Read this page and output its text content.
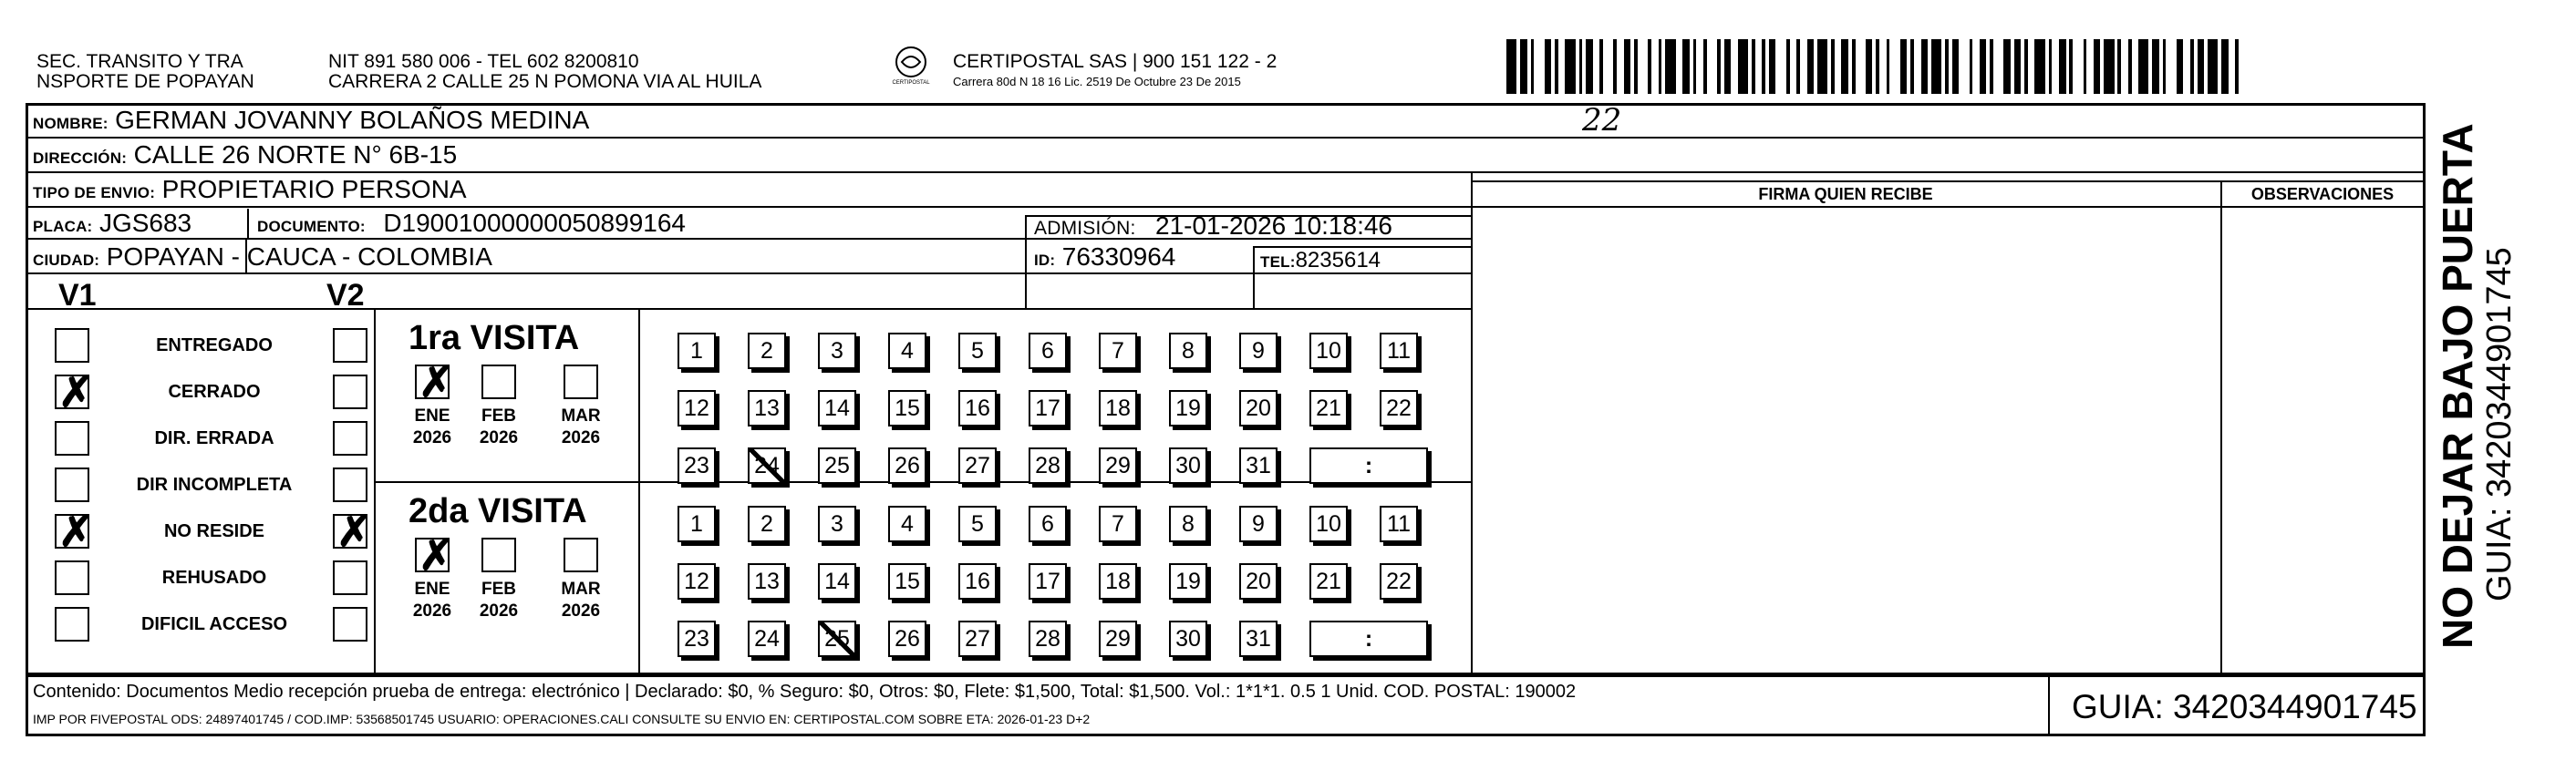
SEC. TRANSITO Y TRA
NSPORTE DE POPAYAN
NIT 891 580 006 - TEL 602 8200810
CARRERA 2 CALLE 25 N POMONA VIA AL HUILA	CERTIPOSTAL
CERTIPOSTAL SAS | 900 151 122 - 2
Carrera 80d N 18 16 Lic. 2519 De Octubre 23 De 2015
NOMBRE: GERMAN JOVANNY BOLAÑOS MEDINA	22
DIRECCIÓN: CALLE 26 NORTE N° 6B-15
TIPO DE ENVIO: PROPIETARIO PERSONA	FIRMA QUIEN RECIBE	OBSERVACIONES
PLACA: JGS683	DOCUMENTO: D19001000000050899164	ADMISIÓN: 21-01-2026 10:18:46
CIUDAD: POPAYAN - CAUCA - COLOMBIA	ID: 76330964	TEL:8235614
V1	V2
ENTREGADO
✗	CERRADO
DIR. ERRADA
DIR INCOMPLETA
✗	NO RESIDE	✗
REHUSADO
DIFICIL ACCESO
1ra VISITA
✗
ENE
2026
FEB
2026
MAR
2026
1	2	3	4	5	6	7	8	9	10	11
12 13 14 15 16 17 18 19 20 21 22
23 24 25 26 27 28 29 30 31	:
2da VISITA
✗
ENE
2026
FEB
2026
MAR
2026
1	2	3	4	5	6	7	8	9	10	11
12 13 14 15 16 17 18 19 20 21 22
23 24 25 26 27 28 29 30 31	:
Contenido: Documentos Medio recepción prueba de entrega: electrónico | Declarado: $0, % Seguro: $0, Otros: $0, Flete: $1,500, Total: $1,500. Vol.: 1*1*1. 0.5 1 Unid. COD. POSTAL: 190002
IMP POR FIVEPOSTAL ODS: 24897401745 / COD.IMP: 53568501745 USUARIO: OPERACIONES.CALI CONSULTE SU ENVIO EN: CERTIPOSTAL.COM SOBRE ETA: 2026-01-23 D+2	GUIA: 3420344901745
NO DEJAR BAJO PUERTA GUIA: 3420344901745
